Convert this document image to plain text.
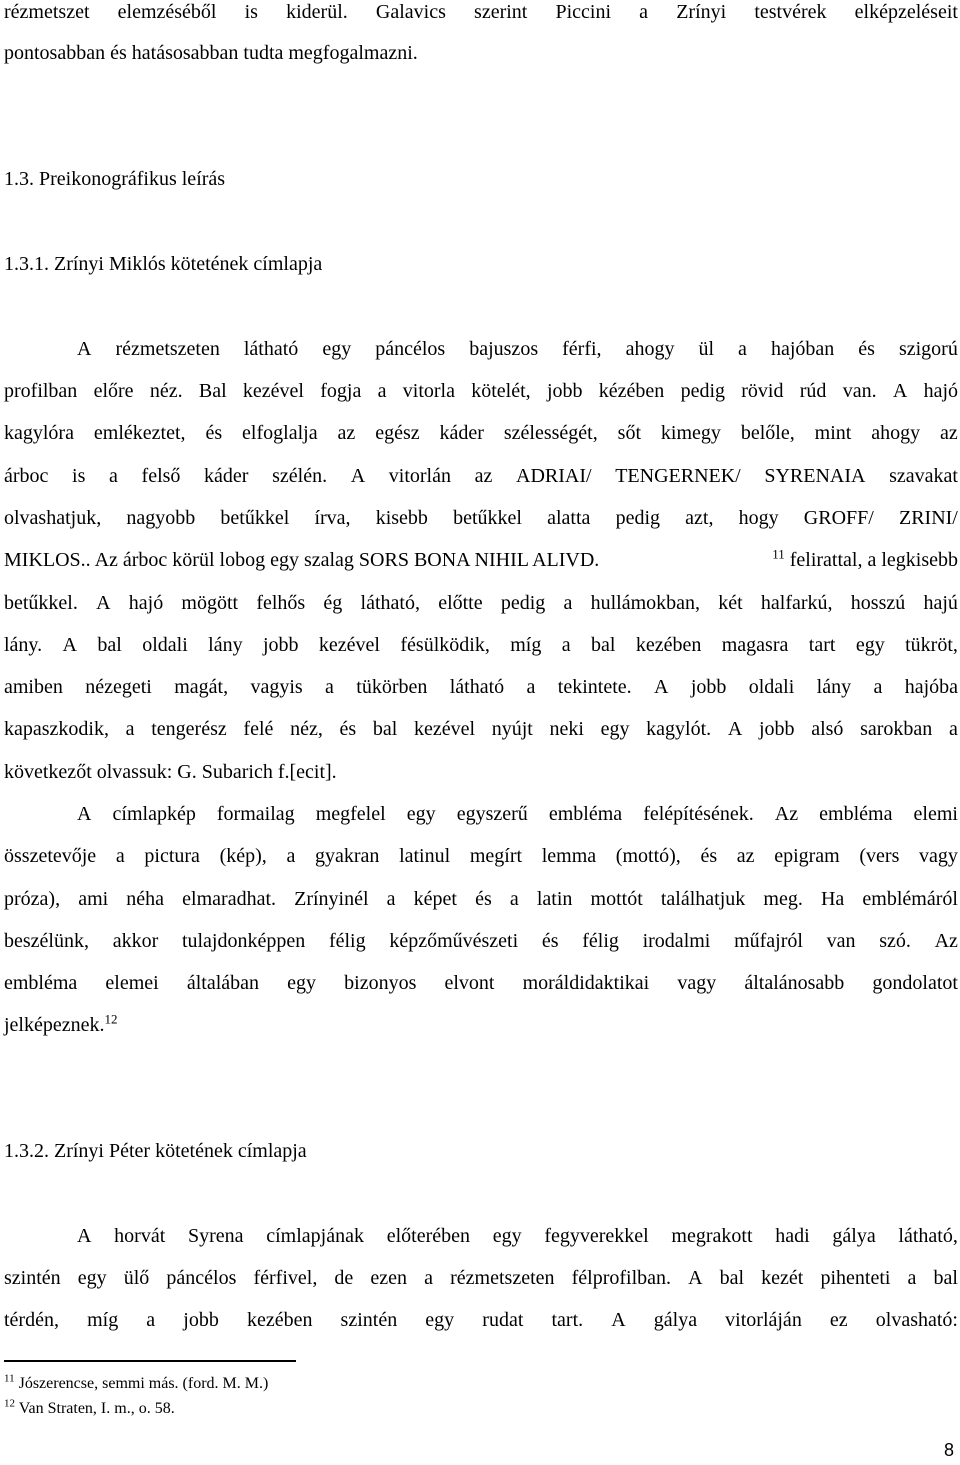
rézmetszet elemzéséből is kiderül. Galavics szerint Piccini a Zrínyi testvérek elképzeléseit
pontosabban és hatásosabban tudta megfogalmazni.
1.3. Preikonográfikus leírás
1.3.1. Zrínyi Miklós kötetének címlapja
A rézmetszeten látható egy páncélos bajuszos férfi, ahogy ül a hajóban és szigorú
profilban előre néz. Bal kezével fogja a vitorla kötelét, jobb kézében pedig rövid rúd van. A hajó
kagylóra emlékeztet, és elfoglalja az egész káder szélességét, sőt kimegy belőle, mint ahogy az
árboc is a felső káder szélén. A vitorlán az ADRIAI/ TENGERNEK/ SYRENAIA szavakat
olvashatjuk, nagyobb betűkkel írva, kisebb betűkkel alatta pedig azt, hogy GROFF/ ZRINI/
MIKLOS.. Az árboc körül lobog egy szalag SORS BONA NIHIL ALIVD.	$^{11}$ felirattal, a legkisebb
betűkkel. A hajó mögött felhős ég látható, előtte pedig a hullámokban, két halfarkú, hosszú hajú
lány. A bal oldali lány jobb kezével fésülködik, míg a bal kezében magasra tart egy tükröt,
amiben nézegeti magát, vagyis a tükörben látható a tekintete. A jobb oldali lány a hajóba
kapaszkodik, a tengerész felé néz, és bal kezével nyújt neki egy kagylót. A jobb alsó sarokban a
következőt olvassuk: G. Subarich f.[ecit].
A címlapkép formailag megfelel egy egyszerű embléma felépítésének. Az embléma elemi
összetevője a pictura (kép), a gyakran latinul megírt lemma (mottó), és az epigram (vers vagy
próza), ami néha elmaradhat. Zrínyinél a képet és a latin mottót találhatjuk meg. Ha emblémáról
beszélünk, akkor tulajdonképpen félig képzőművészeti és félig irodalmi műfajról van szó. Az
embléma elemei általában egy bizonyos elvont moráldidaktikai vagy általánosabb gondolatot
jelképeznek.$^{12}$
1.3.2. Zrínyi Péter kötetének címlapja
A horvát Syrena címlapjának előterében egy fegyverekkel megrakott hadi gálya látható,
szintén egy ülő páncélos férfivel, de ezen a rézmetszeten félprofilban. A bal kezét pihenteti a bal
térdén, míg a jobb kezében szintén egy rudat tart. A gálya vitorláján ez olvasható:
$^{11}$ Jószerencse, semmi más. (ford. M. M.)
$^{12}$ Van Straten, I. m., o. 58.
8
